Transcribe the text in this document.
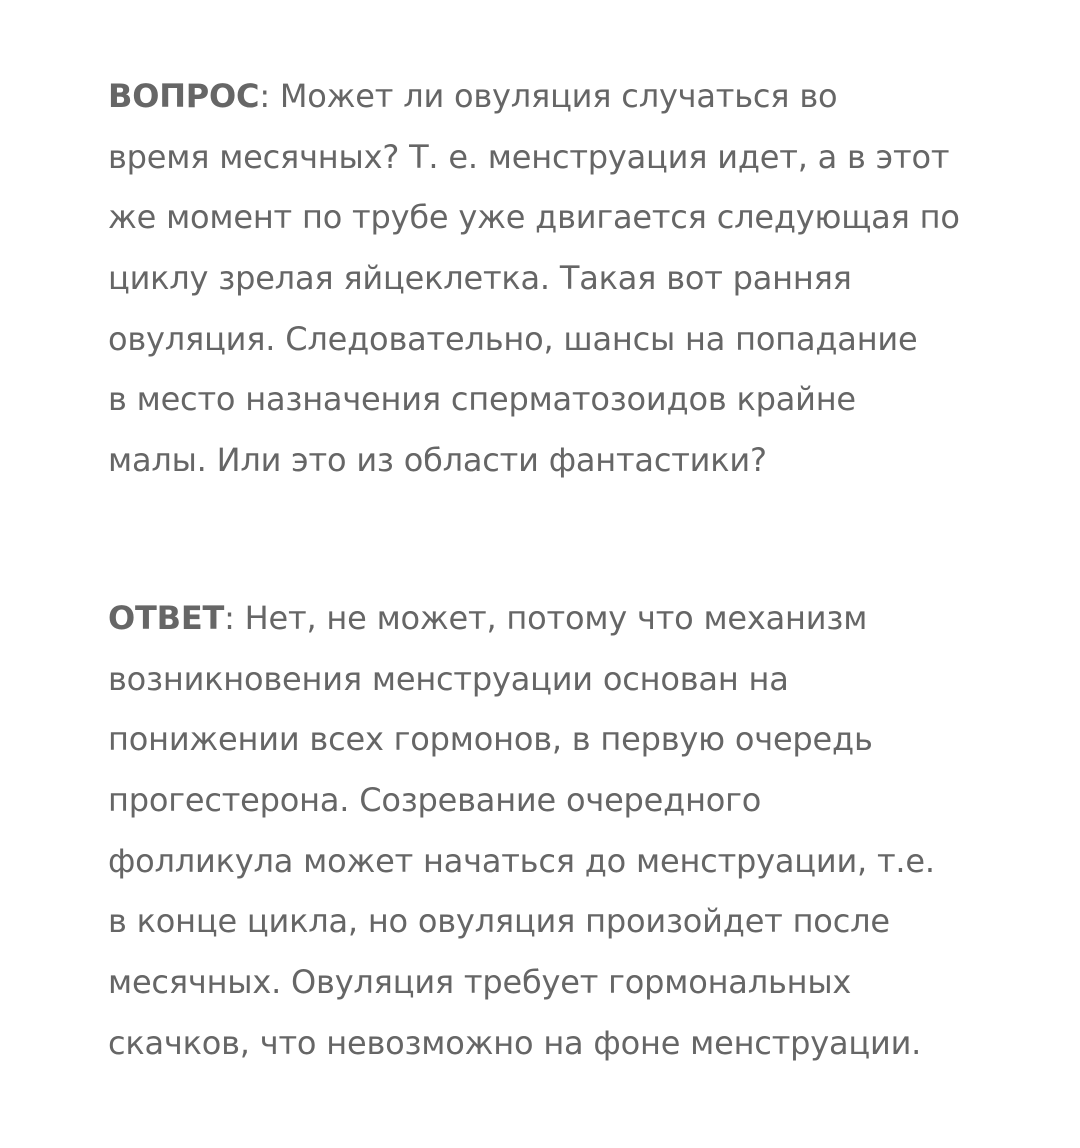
ВОПРОС: Может ли овуляция случаться во
время месячных? Т. е. менструация идет, а в этот
же момент по трубе уже двигается следующая по
циклу зрелая яйцеклетка. Такая вот ранняя
овуляция. Следовательно, шансы на попадание
в место назначения сперматозоидов крайне
малы. Или это из области фантастики?
ОТВЕТ: Нет, не может, потому что механизм
возникновения менструации основан на
понижении всех гормонов, в первую очередь
прогестерона. Созревание очередного
фолликула может начаться до менструации, т.е.
в конце цикла, но овуляция произойдет после
месячных. Овуляция требует гормональных
скачков, что невозможно на фоне менструации.
